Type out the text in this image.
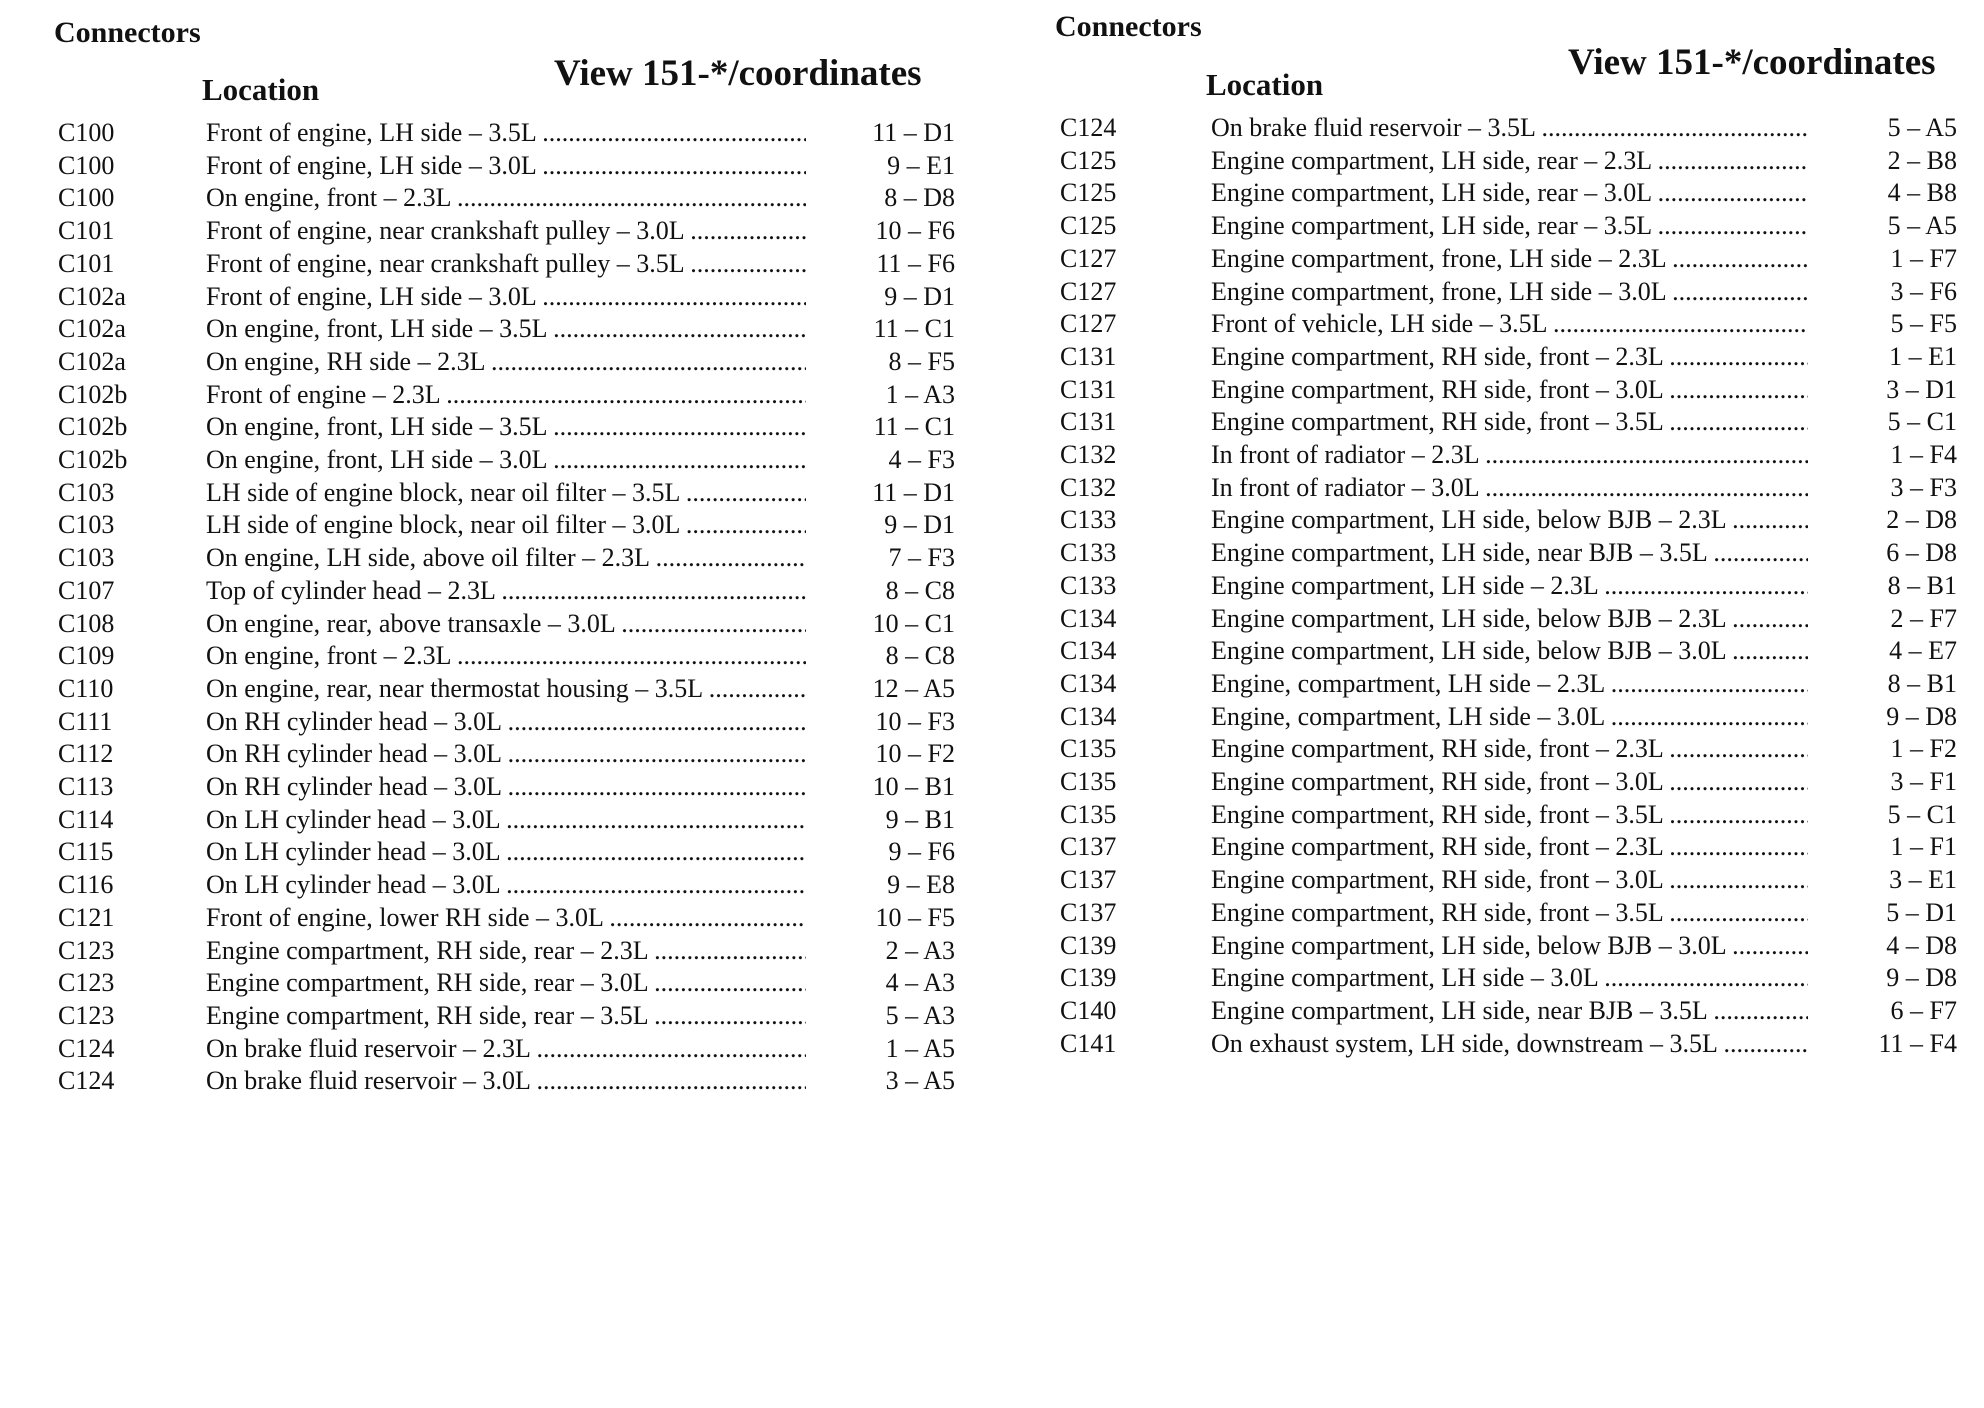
Connectors
Location	View 151-*/coordinates
C100	Front of engine, LH side – 3.5L .....	11 – D1
C100	Front of engine, LH side – 3.0L .....	9 – E1
C100	On engine, front – 2.3L .....	8 – D8
C101	Front of engine, near crankshaft pulley – 3.0L .....	10 – F6
C101	Front of engine, near crankshaft pulley – 3.5L .....	11 – F6
C102a	Front of engine, LH side – 3.0L .....	9 – D1
C102a	On engine, front, LH side – 3.5L .....	11 – C1
C102a	On engine, RH side – 2.3L .....	8 – F5
C102b	Front of engine – 2.3L .....	1 – A3
C102b	On engine, front, LH side – 3.5L .....	11 – C1
C102b	On engine, front, LH side – 3.0L .....	4 – F3
C103	LH side of engine block, near oil filter – 3.5L .....	11 – D1
C103	LH side of engine block, near oil filter – 3.0L .....	9 – D1
C103	On engine, LH side, above oil filter – 2.3L .....	7 – F3
C107	Top of cylinder head – 2.3L .....	8 – C8
C108	On engine, rear, above transaxle – 3.0L .....	10 – C1
C109	On engine, front – 2.3L .....	8 – C8
C110	On engine, rear, near thermostat housing – 3.5L .....	12 – A5
C111	On RH cylinder head – 3.0L .....	10 – F3
C112	On RH cylinder head – 3.0L .....	10 – F2
C113	On RH cylinder head – 3.0L .....	10 – B1
C114	On LH cylinder head – 3.0L .....	9 – B1
C115	On LH cylinder head – 3.0L .....	9 – F6
C116	On LH cylinder head – 3.0L .....	9 – E8
C121	Front of engine, lower RH side – 3.0L .....	10 – F5
C123	Engine compartment, RH side, rear – 2.3L .....	2 – A3
C123	Engine compartment, RH side, rear – 3.0L .....	4 – A3
C123	Engine compartment, RH side, rear – 3.5L .....	5 – A3
C124	On brake fluid reservoir – 2.3L .....	1 – A5
C124	On brake fluid reservoir – 3.0L .....	3 – A5
Connectors
Location
View 151-*/coordinates
C124	On brake fluid reservoir – 3.5L .....	5 – A5
C125	Engine compartment, LH side, rear – 2.3L .....	2 – B8
C125	Engine compartment, LH side, rear – 3.0L .....	4 – B8
C125	Engine compartment, LH side, rear – 3.5L .....	5 – A5
C127	Engine compartment, frone, LH side – 2.3L .....	1 – F7
C127	Engine compartment, frone, LH side – 3.0L .....	3 – F6
C127	Front of vehicle, LH side – 3.5L .....	5 – F5
C131	Engine compartment, RH side, front – 2.3L .....	1 – E1
C131	Engine compartment, RH side, front – 3.0L .....	3 – D1
C131	Engine compartment, RH side, front – 3.5L .....	5 – C1
C132	In front of radiator – 2.3L .....	1 – F4
C132	In front of radiator – 3.0L .....	3 – F3
C133	Engine compartment, LH side, below BJB – 2.3L .....	2 – D8
C133	Engine compartment, LH side, near BJB – 3.5L .....	6 – D8
C133	Engine compartment, LH side – 2.3L .....	8 – B1
C134	Engine compartment, LH side, below BJB – 2.3L .....	2 – F7
C134	Engine compartment, LH side, below BJB – 3.0L .....	4 – E7
C134	Engine, compartment, LH side – 2.3L .....	8 – B1
C134	Engine, compartment, LH side – 3.0L .....	9 – D8
C135	Engine compartment, RH side, front – 2.3L .....	1 – F2
C135	Engine compartment, RH side, front – 3.0L .....	3 – F1
C135	Engine compartment, RH side, front – 3.5L .....	5 – C1
C137	Engine compartment, RH side, front – 2.3L .....	1 – F1
C137	Engine compartment, RH side, front – 3.0L .....	3 – E1
C137	Engine compartment, RH side, front – 3.5L .....	5 – D1
C139	Engine compartment, LH side, below BJB – 3.0L .....	4 – D8
C139	Engine compartment, LH side – 3.0L .....	9 – D8
C140	Engine compartment, LH side, near BJB – 3.5L .....	6 – F7
C141	On exhaust system, LH side, downstream – 3.5L .....	11 – F4
